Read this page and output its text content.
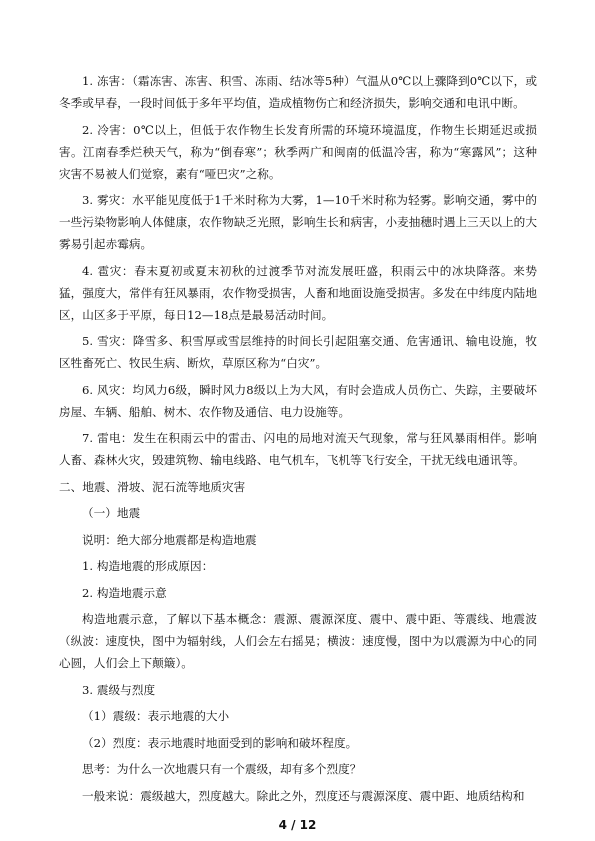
1. 冻害：（霜冻害、冻害、积雪、冻雨、结冰等5种）气温从0℃以上骤降到0℃以下，或冬季或早春，一段时间低于多年平均值，造成植物伤亡和经济损失，影响交通和电讯中断。

2. 冷害：0℃以上，但低于农作物生长发育所需的环境环境温度，作物生长期延迟或损害。江南春季烂秧天气，称为“倒春寒”；秋季两广和闽南的低温冷害，称为“寒露风”；这种灾害不易被人们觉察，素有“哑巴灾”之称。

3. 雾灾：水平能见度低于1千米时称为大雾，1—10千米时称为轻雾。影响交通，雾中的一些污染物影响人体健康，农作物缺乏光照，影响生长和病害，小麦抽穗时遇上三天以上的大雾易引起赤霉病。

4. 雹灾：春末夏初或夏末初秋的过渡季节对流发展旺盛，积雨云中的冰块降落。来势猛，强度大，常伴有狂风暴雨，农作物受损害，人畜和地面设施受损害。多发在中纬度内陆地区，山区多于平原，每日12—18点是最易活动时间。

5. 雪灾：降雪多、积雪厚或雪层维持的时间长引起阻塞交通、危害通讯、输电设施，牧区牲畜死亡、牧民生病、断炊，草原区称为“白灾”。

6. 风灾：均风力6级，瞬时风力8级以上为大风，有时会造成人员伤亡、失踪，主要破坏房屋、车辆、船舶、树木、农作物及通信、电力设施等。

7. 雷电：发生在积雨云中的雷击、闪电的局地对流天气现象，常与狂风暴雨相伴。影响人畜、森林火灾，毁建筑物、输电线路、电气机车，飞机等飞行安全，干扰无线电通讯等。

二、地震、滑坡、泥石流等地质灾害

（一）地震

说明：绝大部分地震都是构造地震

1. 构造地震的形成原因：

2. 构造地震示意

构造地震示意，了解以下基本概念：震源、震源深度、震中、震中距、等震线、地震波（纵波：速度快，图中为辐射线，人们会左右摇晃；横波：速度慢，图中为以震源为中心的同心圆，人们会上下颠簸）。

3. 震级与烈度

（1）震级：表示地震的大小

（2）烈度：表示地震时地面受到的影响和破坏程度。

思考：为什么一次地震只有一个震级，却有多个烈度？

一般来说：震级越大，烈度越大。除此之外，烈度还与震源深度、震中距、地质结构和

4 / 12
